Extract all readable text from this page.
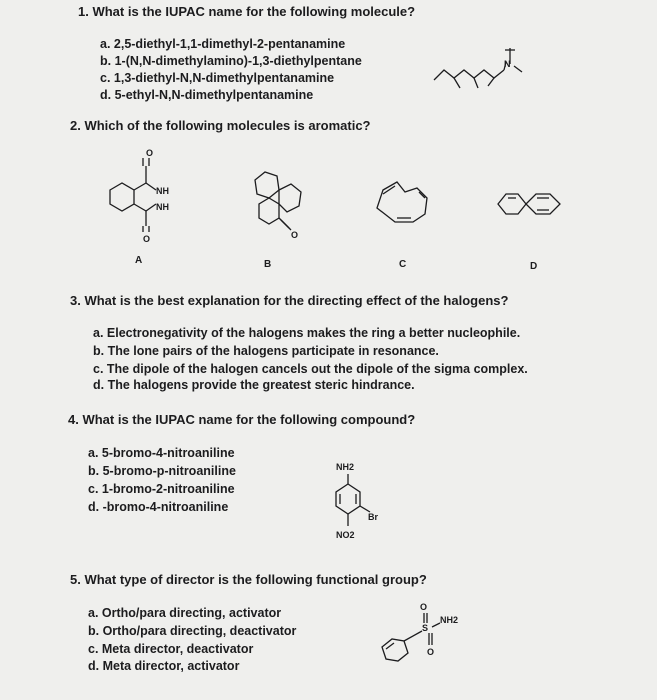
1. What is the IUPAC name for the following molecule?
a. 2,5-diethyl-1,1-dimethyl-2-pentanamine
b. 1-(N,N-dimethylamino)-1,3-diethylpentane
c. 1,3-diethyl-N,N-dimethylpentanamine
d. 5-ethyl-N,N-dimethylpentanamine
N
2. Which of the following molecules is aromatic?
O
O
NH
NH
O
A	B	C	D
3. What is the best explanation for the directing effect of the halogens?
a. Electronegativity of the halogens makes the ring a better nucleophile.
b. The lone pairs of the halogens participate in resonance.
c. The dipole of the halogen cancels out the dipole of the sigma complex.
d. The halogens provide the greatest steric hindrance.
4. What is the IUPAC name for the following compound?
a. 5-bromo-4-nitroaniline
b. 5-bromo-p-nitroaniline
c. 1-bromo-2-nitroaniline
d. -bromo-4-nitroaniline
NH2
Br
NO2
5. What type of director is the following functional group?
a. Ortho/para directing, activator
b. Ortho/para directing, deactivator
c. Meta director, deactivator
d. Meta director, activator
O
S
O
NH2
